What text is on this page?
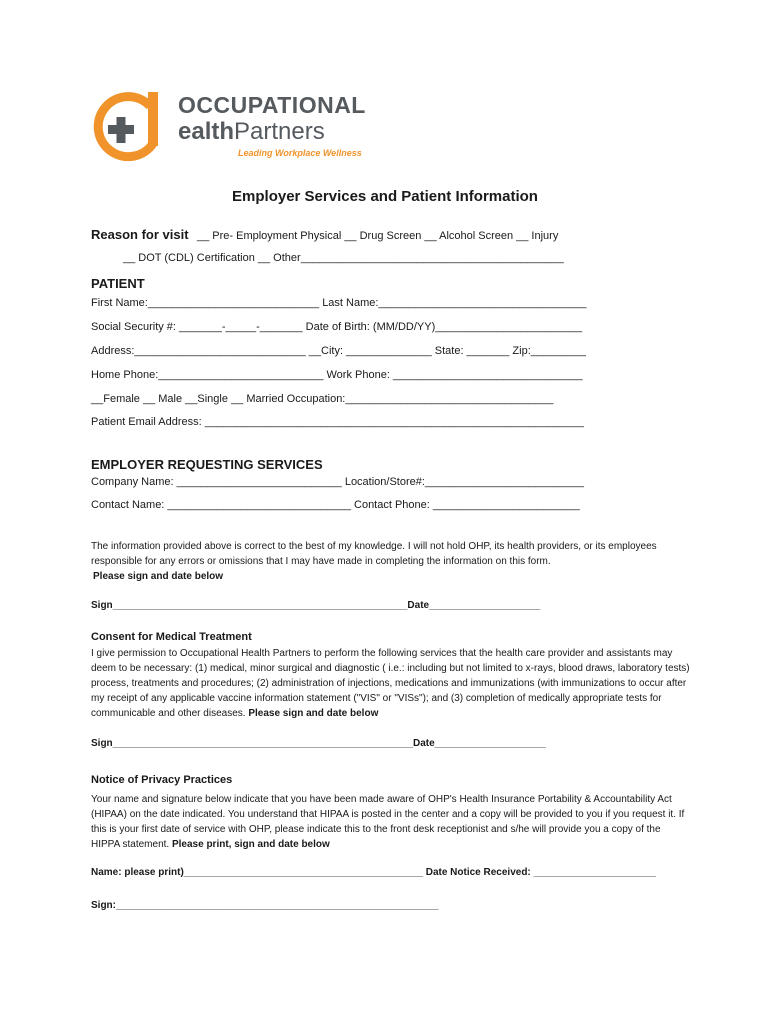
OCCUPATIONAL
ealthPartners
Leading Workplace Wellness
Employer Services and Patient Information
Reason for visit __ Pre- Employment Physical __ Drug Screen __ Alcohol Screen __ Injury
__ DOT (CDL) Certification __ Other___________________________________________
PATIENT
First Name:____________________________ Last Name:__________________________________
Social Security #: _______-_____-_______ Date of Birth: (MM/DD/YY)________________________
Address:____________________________ __City: ______________ State: _______ Zip:_________
Home Phone:___________________________ Work Phone: _______________________________
__Female __ Male __Single __ Married Occupation:__________________________________
Patient Email Address: ______________________________________________________________
EMPLOYER REQUESTING SERVICES
Company Name: ___________________________ Location/Store#:__________________________
Contact Name: ______________________________ Contact Phone: ________________________
The information provided above is correct to the best of my knowledge. I will not hold OHP, its health providers, or its employees responsible for any errors or omissions that I may have made in completing the information on this form.
Please sign and date below
Sign_____________________________________________________Date____________________
Consent for Medical Treatment
I give permission to Occupational Health Partners to perform the following services that the health care provider and assistants may deem to be necessary: (1) medical, minor surgical and diagnostic ( i.e.: including but not limited to x-rays, blood draws, laboratory tests) process, treatments and procedures; (2) administration of injections, medications and immunizations (with immunizations to occur after my receipt of any applicable vaccine information statement ("VIS" or "VISs"); and (3) completion of medically appropriate tests for communicable and other diseases. Please sign and date below
Sign______________________________________________________Date____________________
Notice of Privacy Practices
Your name and signature below indicate that you have been made aware of OHP's Health Insurance Portability & Accountability Act (HIPAA) on the date indicated. You understand that HIPAA is posted in the center and a copy will be provided to you if you request it. If this is your first date of service with OHP, please indicate this to the front desk receptionist and s/he will provide you a copy of the HIPPA statement. Please print, sign and date below
Name: please print)___________________________________________ Date Notice Received: ______________________
Sign:__________________________________________________________
